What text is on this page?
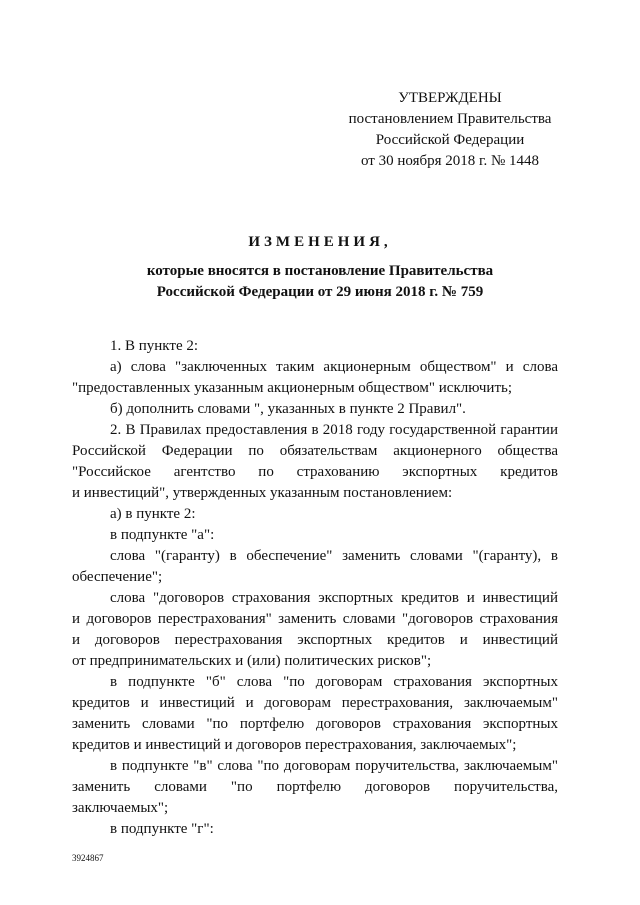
УТВЕРЖДЕНЫ
постановлением Правительства
Российской Федерации
от 30 ноября 2018 г. № 1448
ИЗМЕНЕНИЯ,
которые вносятся в постановление Правительства
Российской Федерации от 29 июня 2018 г. № 759
1. В пункте 2:
а) слова "заключенных таким акционерным обществом" и слова
"предоставленных указанным акционерным обществом" исключить;
б) дополнить словами ", указанных в пункте 2 Правил".
2. В Правилах предоставления в 2018 году государственной гарантии
Российской Федерации по обязательствам акционерного общества
"Российское агентство по страхованию экспортных кредитов
и инвестиций", утвержденных указанным постановлением:
а) в пункте 2:
в подпункте "а":
слова "(гаранту) в обеспечение" заменить словами "(гаранту), в
обеспечение";
слова "договоров страхования экспортных кредитов и инвестиций
и договоров перестрахования" заменить словами "договоров страхования
и договоров перестрахования экспортных кредитов и инвестиций
от предпринимательских и (или) политических рисков";
в подпункте "б" слова "по договорам страхования экспортных
кредитов и инвестиций и договорам перестрахования, заключаемым"
заменить словами "по портфелю договоров страхования экспортных
кредитов и инвестиций и договоров перестрахования, заключаемых";
в подпункте "в" слова "по договорам поручительства, заключаемым"
заменить словами "по портфелю договоров поручительства,
заключаемых";
в подпункте "г":
3924867
